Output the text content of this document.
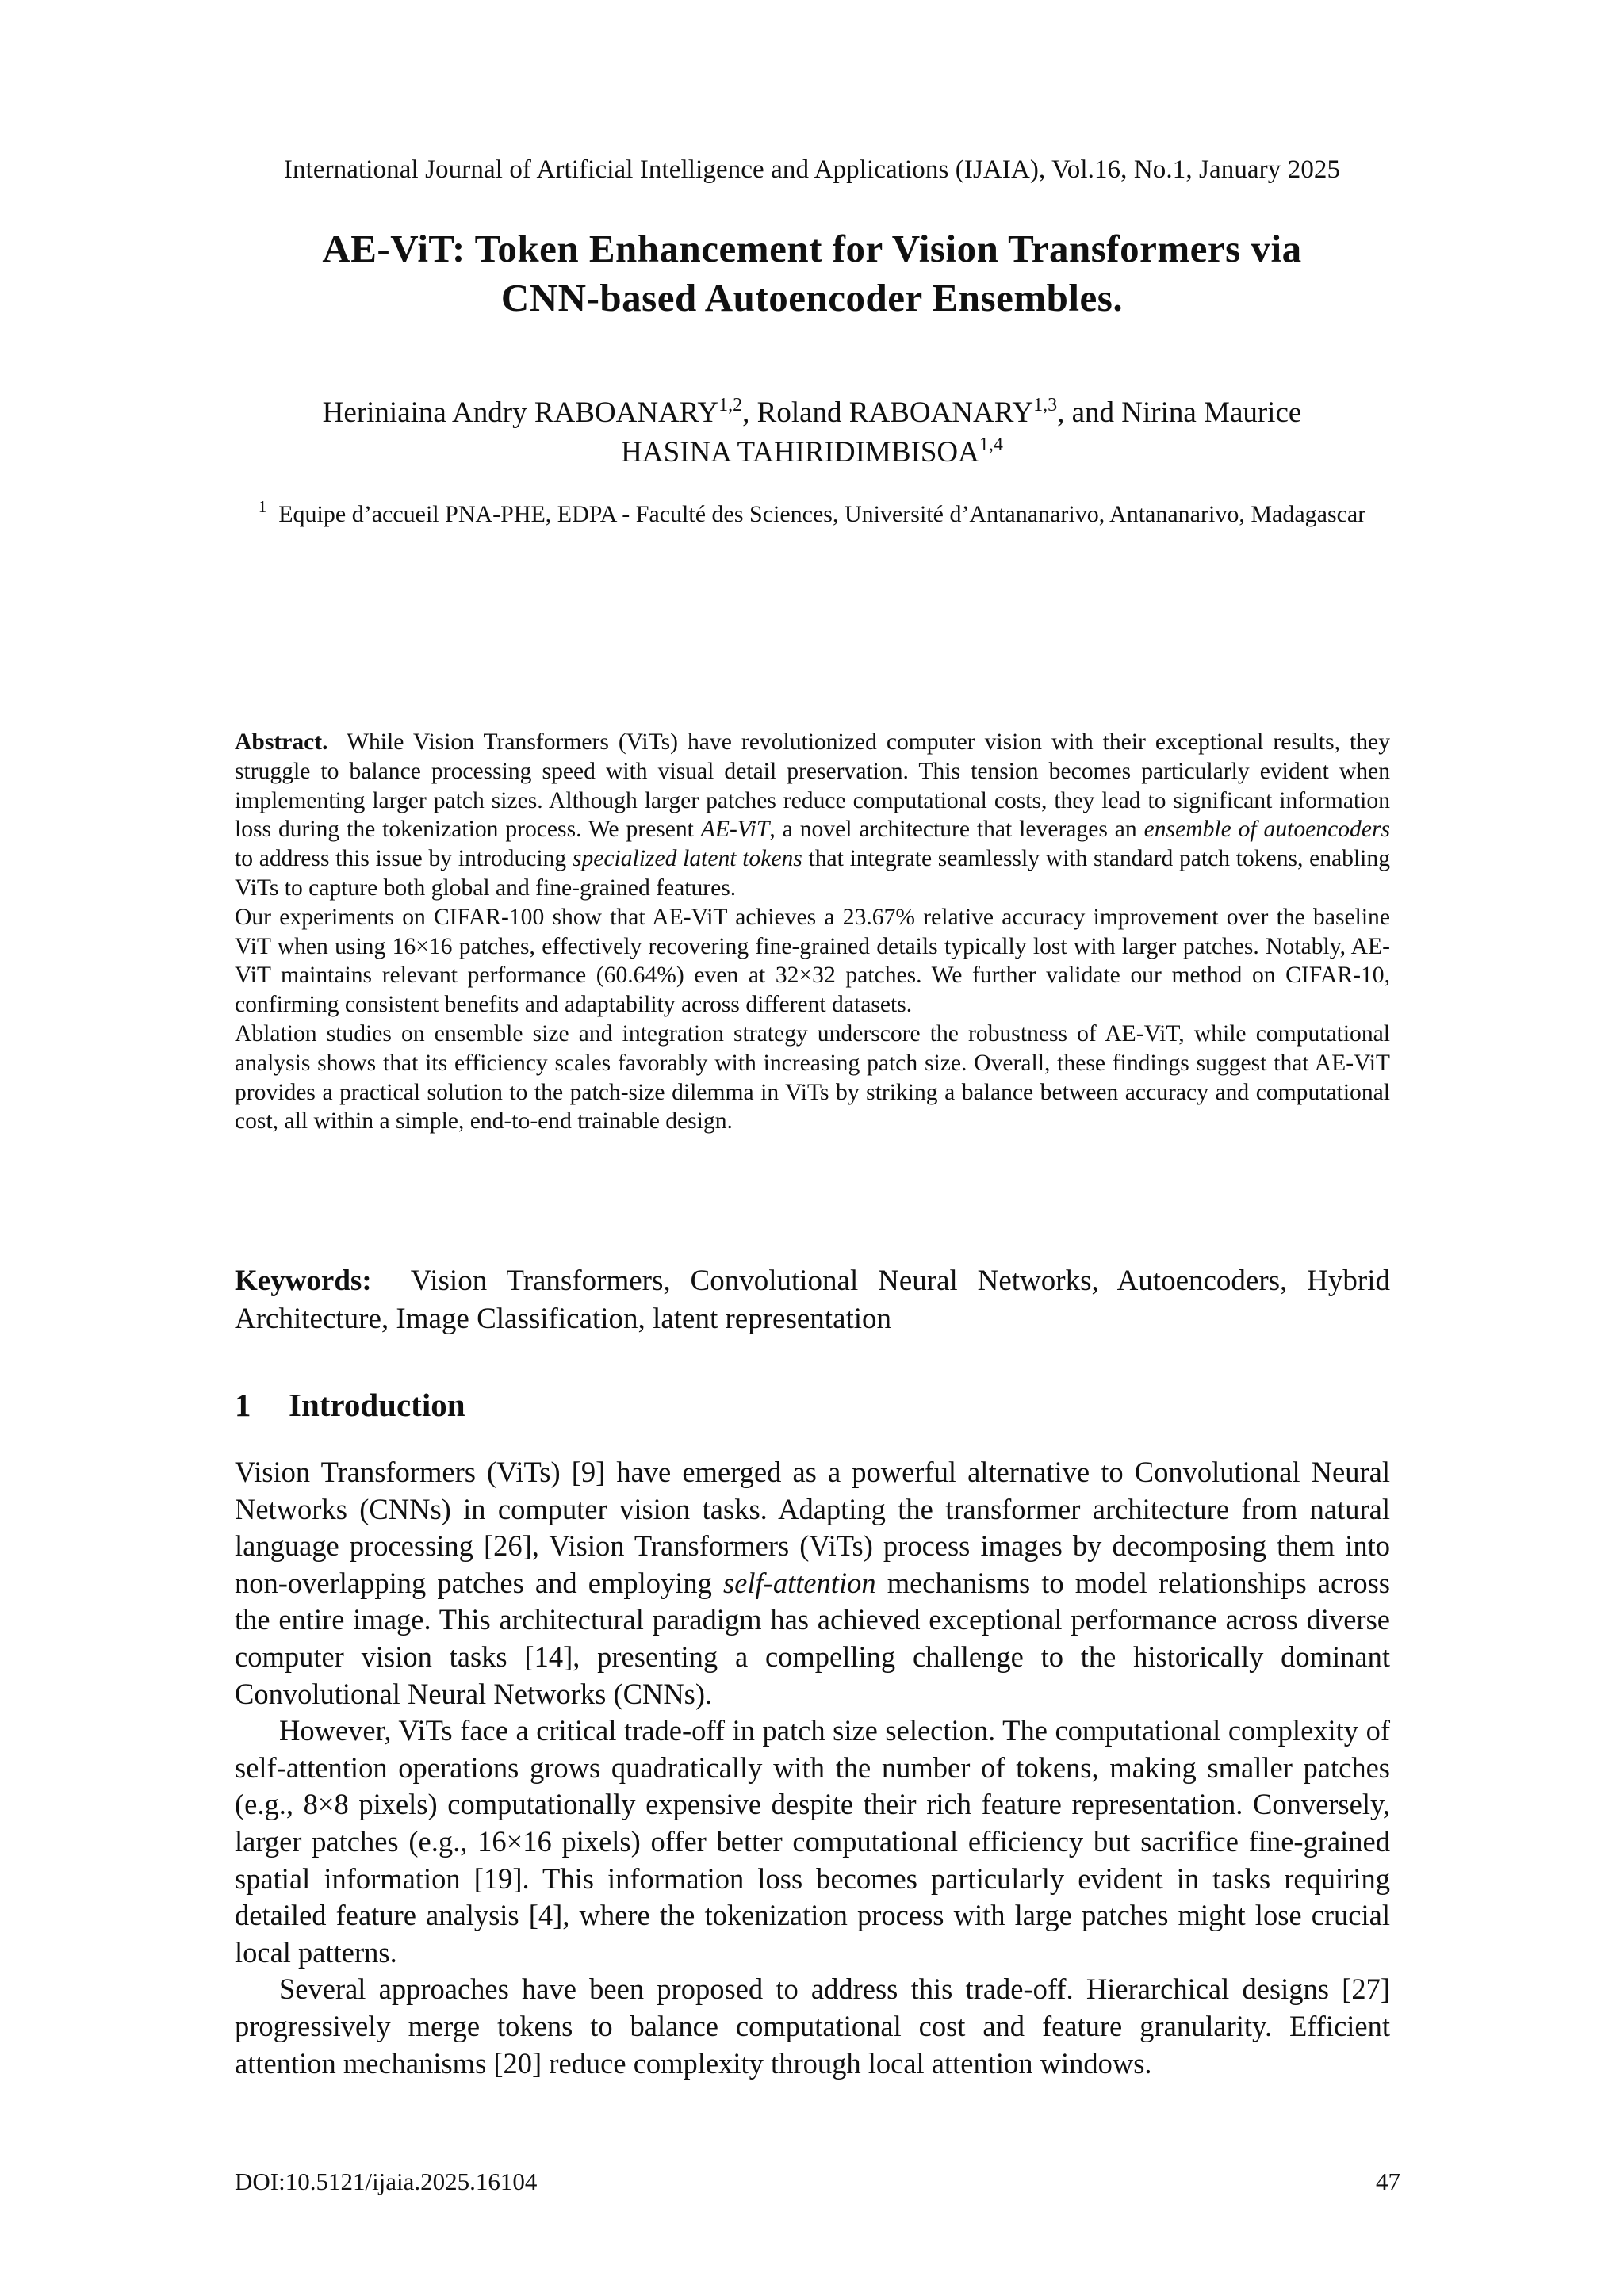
International Journal of Artificial Intelligence and Applications (IJAIA), Vol.16, No.1, January 2025
AE-ViT: Token Enhancement for Vision Transformers via
CNN-based Autoencoder Ensembles.
Heriniaina Andry RABOANARY$^{1,2}$, Roland RABOANARY$^{1,3}$, and Nirina Maurice
HASINA TAHIRIDIMBISOA$^{1,4}$
$^1$ Equipe d’accueil PNA-PHE, EDPA - Faculté des Sciences, Université d’Antananarivo, Antananarivo, Madagascar

Abstract. While Vision Transformers (ViTs) have revolutionized computer vision with their exceptional results, they struggle to balance processing speed with visual detail preservation. This tension becomes particularly evident when implementing larger patch sizes. Although larger patches reduce computational costs, they lead to significant information loss during the tokenization process. We present AE-ViT, a novel architecture that leverages an ensemble of autoencoders to address this issue by introducing specialized latent tokens that integrate seamlessly with standard patch tokens, enabling ViTs to capture both global and fine-grained features.

Our experiments on CIFAR-100 show that AE-ViT achieves a 23.67% relative accuracy improvement over the baseline ViT when using 16×16 patches, effectively recovering fine-grained details typically lost with larger patches. Notably, AE-ViT maintains relevant performance (60.64%) even at 32×32 patches. We further validate our method on CIFAR-10, confirming consistent benefits and adaptability across different datasets.

Ablation studies on ensemble size and integration strategy underscore the robustness of AE-ViT, while computational analysis shows that its efficiency scales favorably with increasing patch size. Overall, these findings suggest that AE-ViT provides a practical solution to the patch-size dilemma in ViTs by striking a balance between accuracy and computational cost, all within a simple, end-to-end trainable design.

Keywords: Vision Transformers, Convolutional Neural Networks, Autoencoders, Hybrid Architecture, Image Classification, latent representation

1 Introduction

Vision Transformers (ViTs) [9] have emerged as a powerful alternative to Convolutional Neural Networks (CNNs) in computer vision tasks. Adapting the transformer architecture from natural language processing [26], Vision Transformers (ViTs) process images by decomposing them into non-overlapping patches and employing self-attention mechanisms to model relationships across the entire image. This architectural paradigm has achieved exceptional performance across diverse computer vision tasks [14], presenting a compelling challenge to the historically dominant Convolutional Neural Networks (CNNs).

However, ViTs face a critical trade-off in patch size selection. The computational complexity of self-attention operations grows quadratically with the number of tokens, making smaller patches (e.g., 8×8 pixels) computationally expensive despite their rich feature representation. Conversely, larger patches (e.g., 16×16 pixels) offer better computational efficiency but sacrifice fine-grained spatial information [19]. This information loss becomes particularly evident in tasks requiring detailed feature analysis [4], where the tokenization process with large patches might lose crucial local patterns.

Several approaches have been proposed to address this trade-off. Hierarchical designs [27] progressively merge tokens to balance computational cost and feature granularity. Efficient attention mechanisms [20] reduce complexity through local attention windows.

DOI:10.5121/ijaia.2025.16104	47
